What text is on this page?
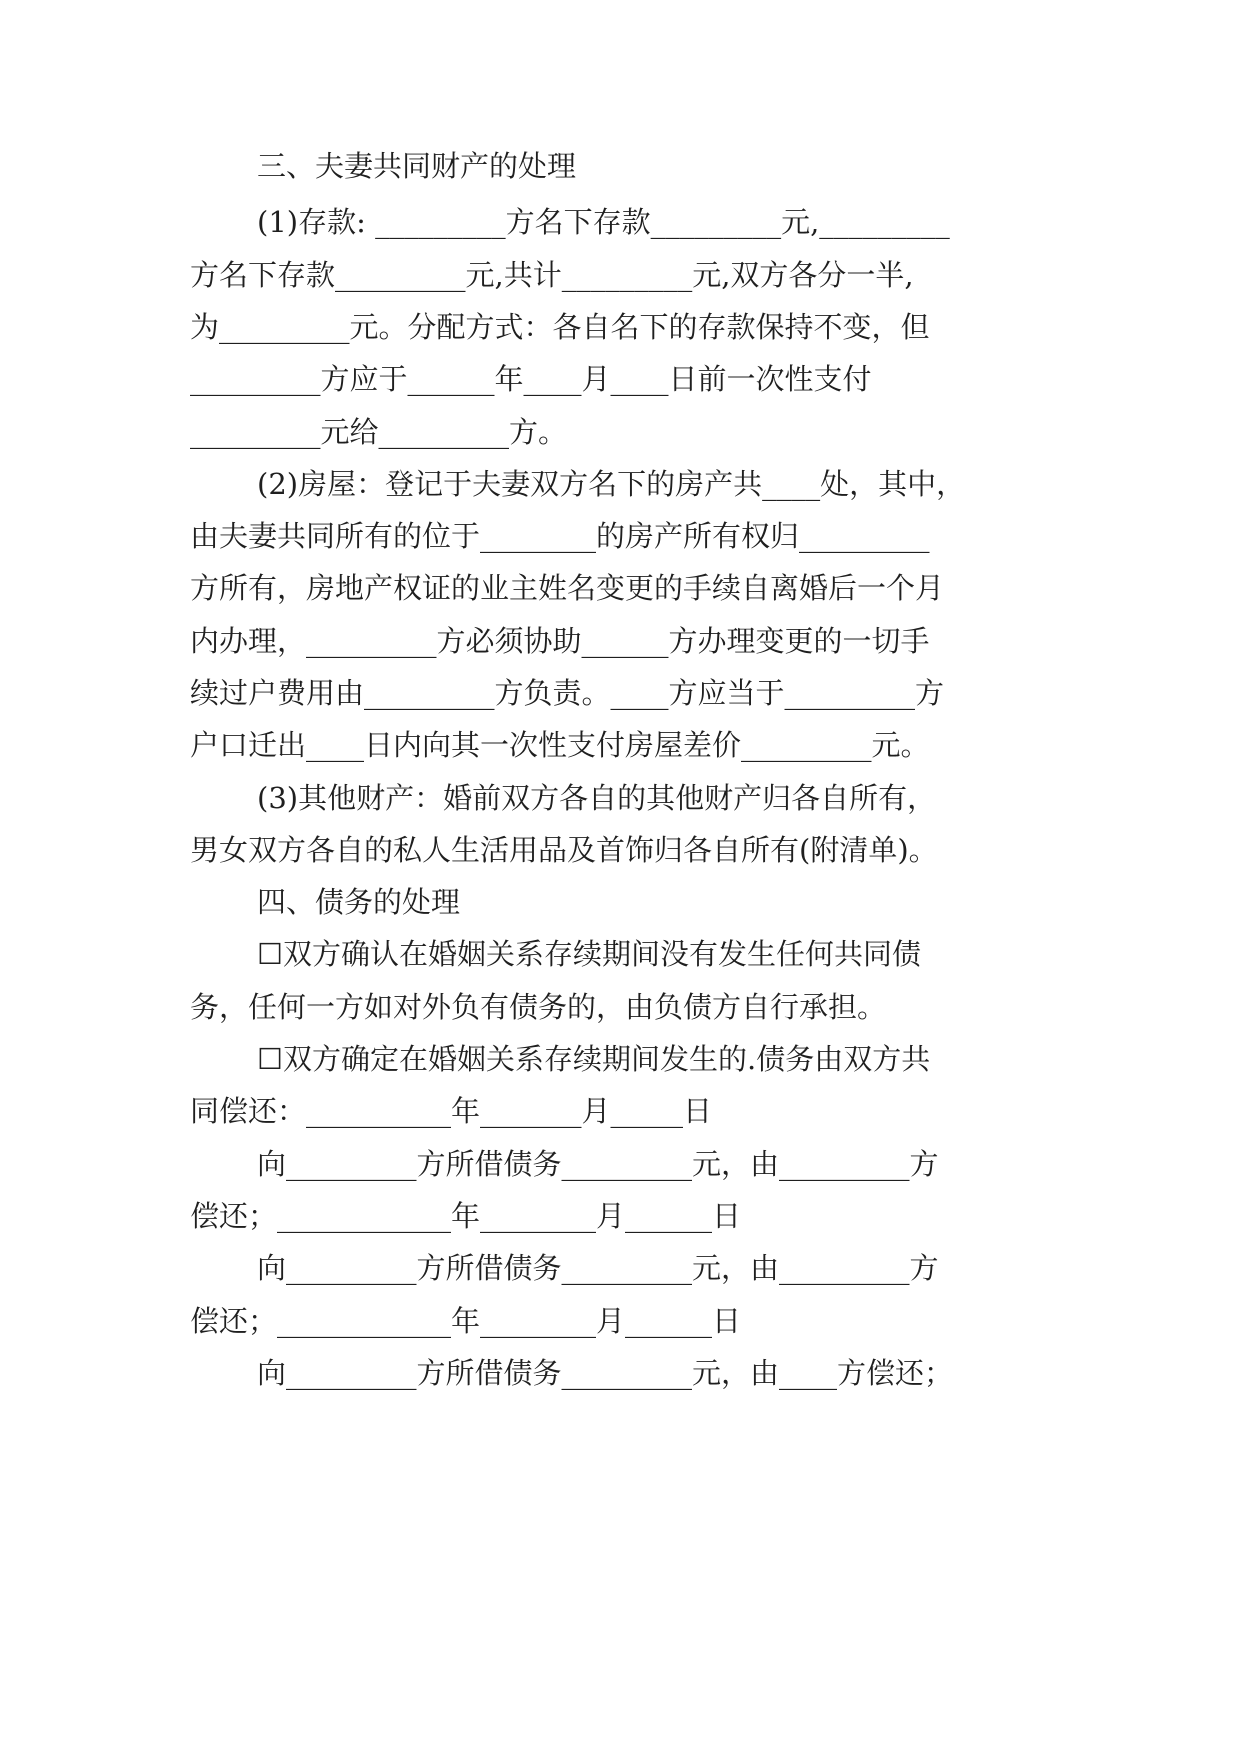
三、夫妻共同财产的处理
(1)存款: _________方名下存款_________元,_________
方名下存款_________元,共计_________元,双方各分一半,
为_________元。分配方式：各自名下的存款保持不变，但
_________方应于______年____月____日前一次性支付
_________元给_________方。
(2)房屋：登记于夫妻双方名下的房产共____处，其中，
由夫妻共同所有的位于________的房产所有权归_________
方所有，房地产权证的业主姓名变更的手续自离婚后一个月
内办理，_________方必须协助______方办理变更的一切手
续过户费用由_________方负责。____方应当于_________方
户口迁出____日内向其一次性支付房屋差价_________元。
(3)其他财产：婚前双方各自的其他财产归各自所有，
男女双方各自的私人生活用品及首饰归各自所有(附清单)。
四、债务的处理
☐双方确认在婚姻关系存续期间没有发生任何共同债
务，任何一方如对外负有债务的，由负债方自行承担。
☐双方确定在婚姻关系存续期间发生的.债务由双方共
同偿还：__________年_______月_____日
向_________方所借债务_________元，由_________方
偿还；____________年________月______日
向_________方所借债务_________元，由_________方
偿还；____________年________月______日
向_________方所借债务_________元，由____方偿还；
